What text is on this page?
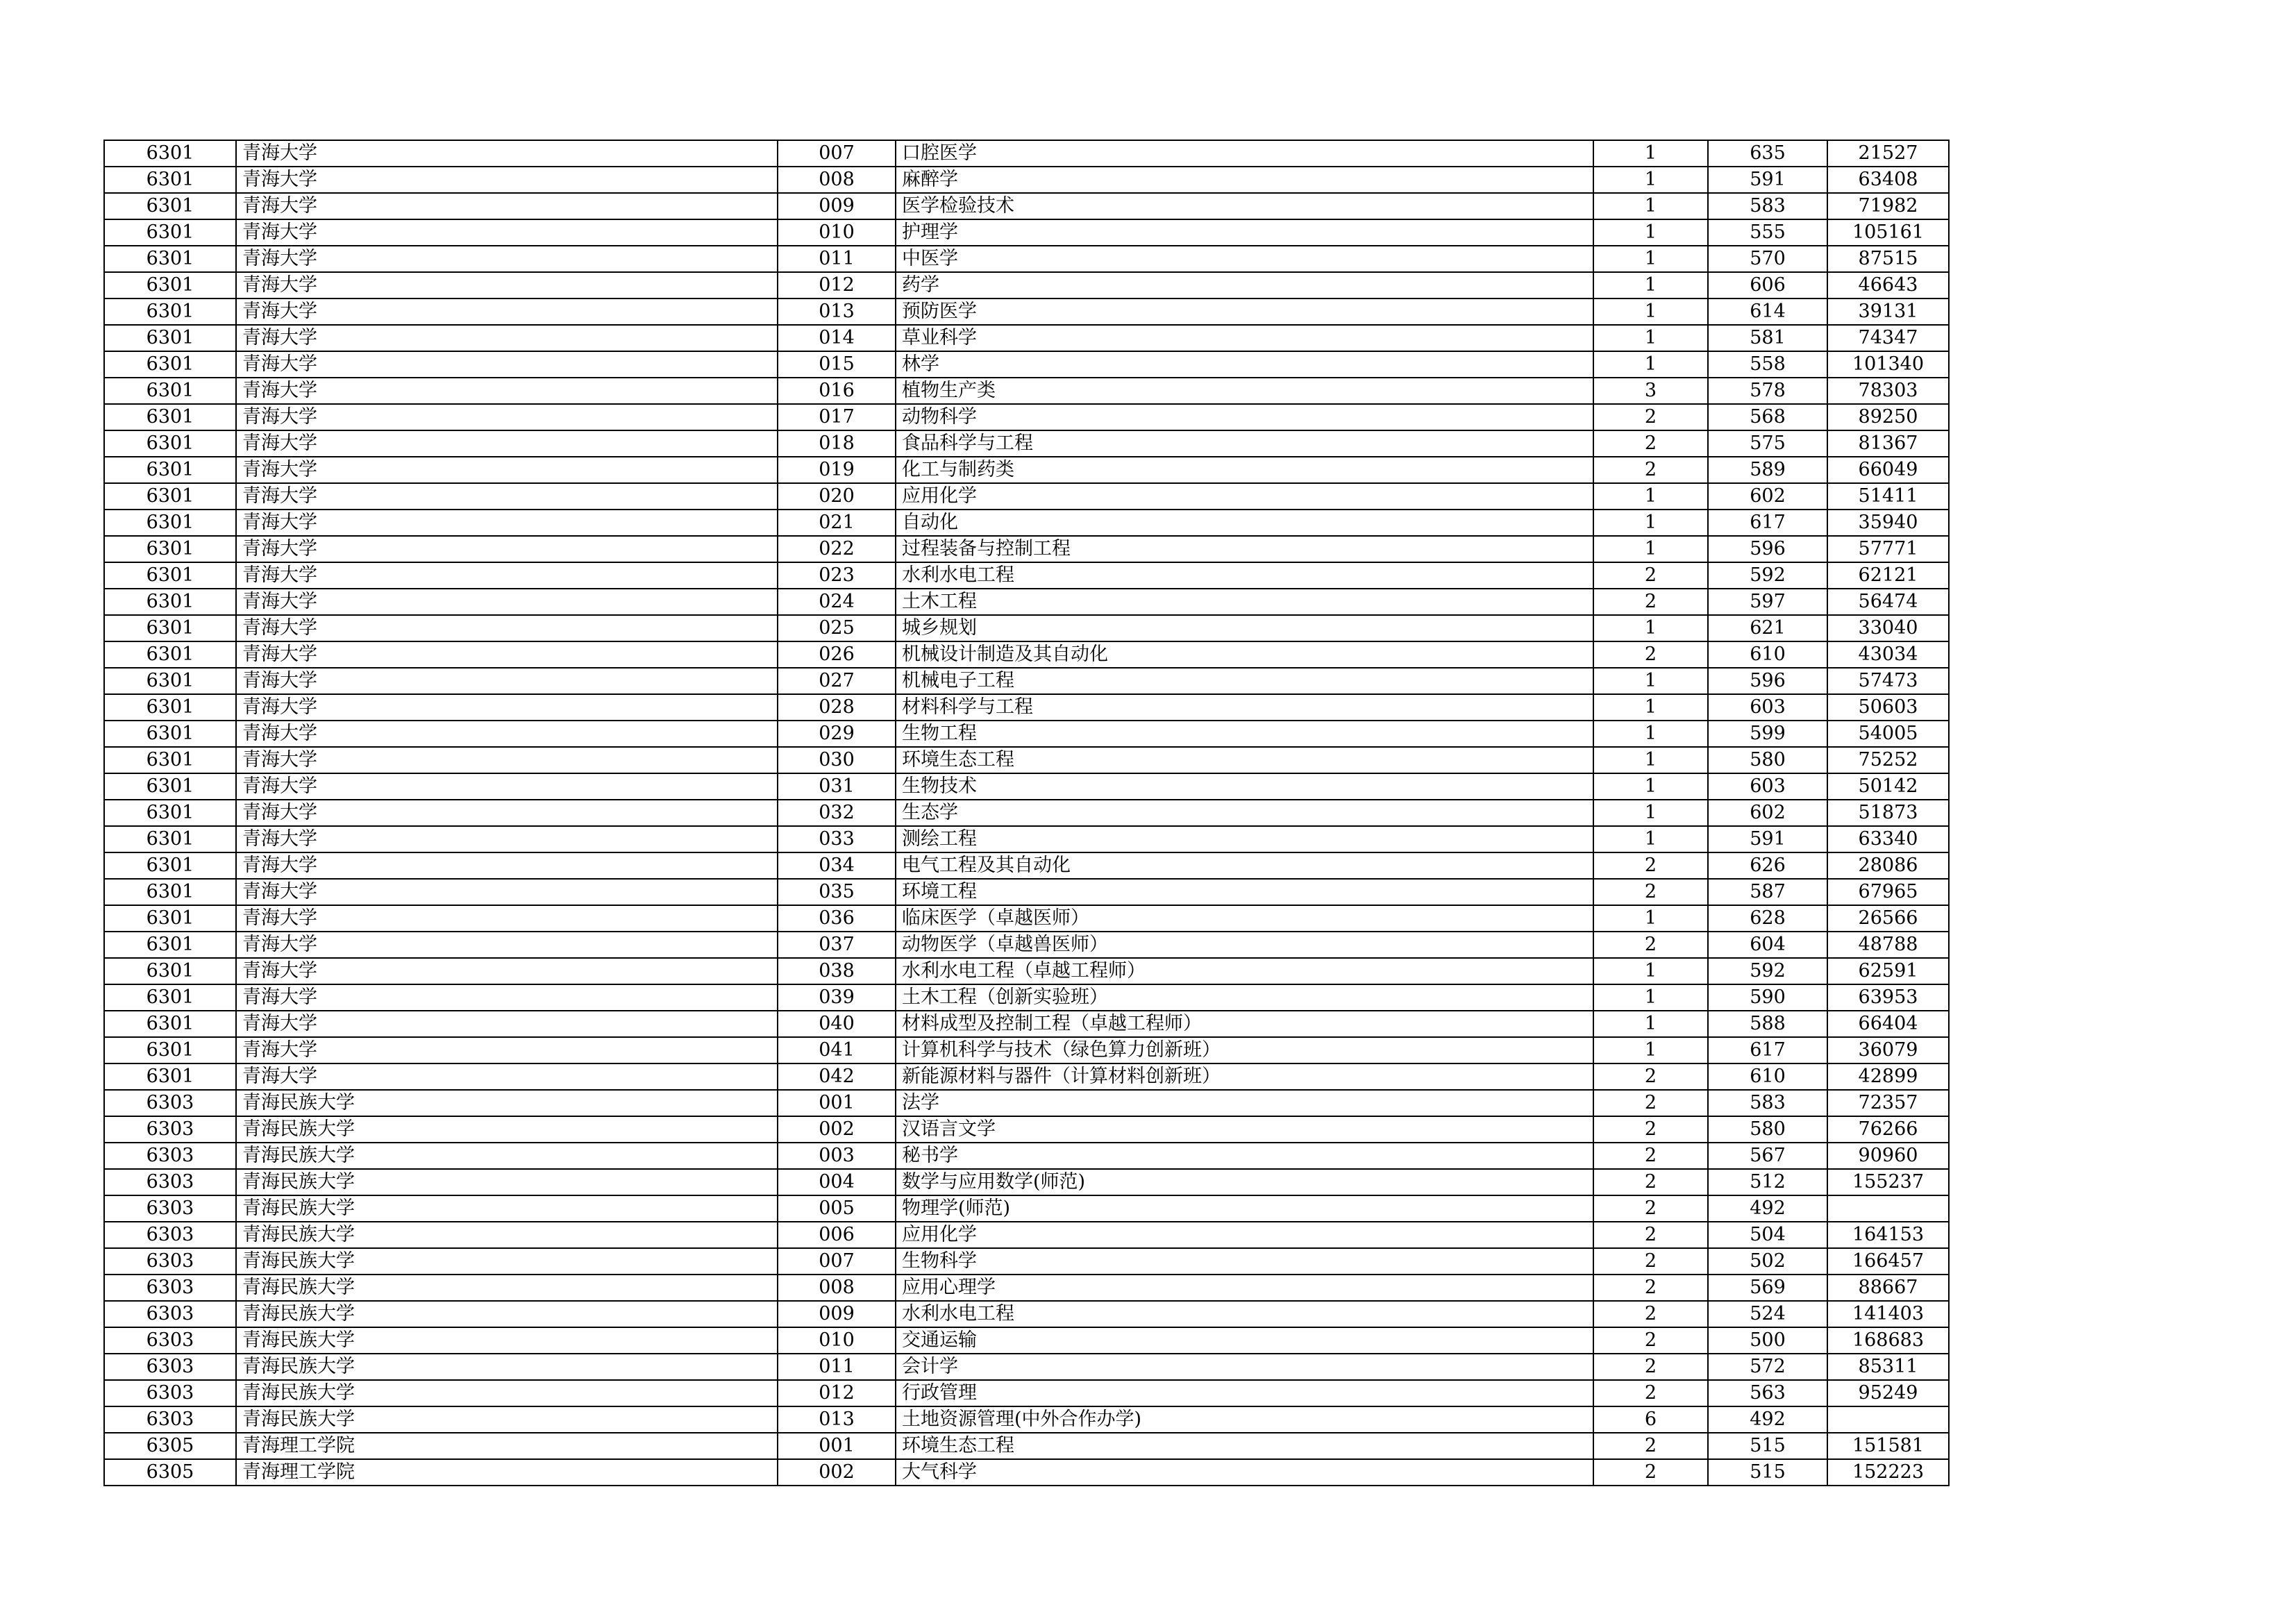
6301	青海大学	007	口腔医学	1	635	21527
6301	青海大学	008	麻醉学	1	591	63408
6301	青海大学	009	医学检验技术	1	583	71982
6301	青海大学	010	护理学	1	555	105161
6301	青海大学	011	中医学	1	570	87515
6301	青海大学	012	药学	1	606	46643
6301	青海大学	013	预防医学	1	614	39131
6301	青海大学	014	草业科学	1	581	74347
6301	青海大学	015	林学	1	558	101340
6301	青海大学	016	植物生产类	3	578	78303
6301	青海大学	017	动物科学	2	568	89250
6301	青海大学	018	食品科学与工程	2	575	81367
6301	青海大学	019	化工与制药类	2	589	66049
6301	青海大学	020	应用化学	1	602	51411
6301	青海大学	021	自动化	1	617	35940
6301	青海大学	022	过程装备与控制工程	1	596	57771
6301	青海大学	023	水利水电工程	2	592	62121
6301	青海大学	024	土木工程	2	597	56474
6301	青海大学	025	城乡规划	1	621	33040
6301	青海大学	026	机械设计制造及其自动化	2	610	43034
6301	青海大学	027	机械电子工程	1	596	57473
6301	青海大学	028	材料科学与工程	1	603	50603
6301	青海大学	029	生物工程	1	599	54005
6301	青海大学	030	环境生态工程	1	580	75252
6301	青海大学	031	生物技术	1	603	50142
6301	青海大学	032	生态学	1	602	51873
6301	青海大学	033	测绘工程	1	591	63340
6301	青海大学	034	电气工程及其自动化	2	626	28086
6301	青海大学	035	环境工程	2	587	67965
6301	青海大学	036	临床医学（卓越医师）	1	628	26566
6301	青海大学	037	动物医学（卓越兽医师）	2	604	48788
6301	青海大学	038	水利水电工程（卓越工程师）	1	592	62591
6301	青海大学	039	土木工程（创新实验班）	1	590	63953
6301	青海大学	040	材料成型及控制工程（卓越工程师）	1	588	66404
6301	青海大学	041	计算机科学与技术（绿色算力创新班）	1	617	36079
6301	青海大学	042	新能源材料与器件（计算材料创新班）	2	610	42899
6303	青海民族大学	001	法学	2	583	72357
6303	青海民族大学	002	汉语言文学	2	580	76266
6303	青海民族大学	003	秘书学	2	567	90960
6303	青海民族大学	004	数学与应用数学(师范)	2	512	155237
6303	青海民族大学	005	物理学(师范)	2	492	
6303	青海民族大学	006	应用化学	2	504	164153
6303	青海民族大学	007	生物科学	2	502	166457
6303	青海民族大学	008	应用心理学	2	569	88667
6303	青海民族大学	009	水利水电工程	2	524	141403
6303	青海民族大学	010	交通运输	2	500	168683
6303	青海民族大学	011	会计学	2	572	85311
6303	青海民族大学	012	行政管理	2	563	95249
6303	青海民族大学	013	土地资源管理(中外合作办学)	6	492	
6305	青海理工学院	001	环境生态工程	2	515	151581
6305	青海理工学院	002	大气科学	2	515	152223
